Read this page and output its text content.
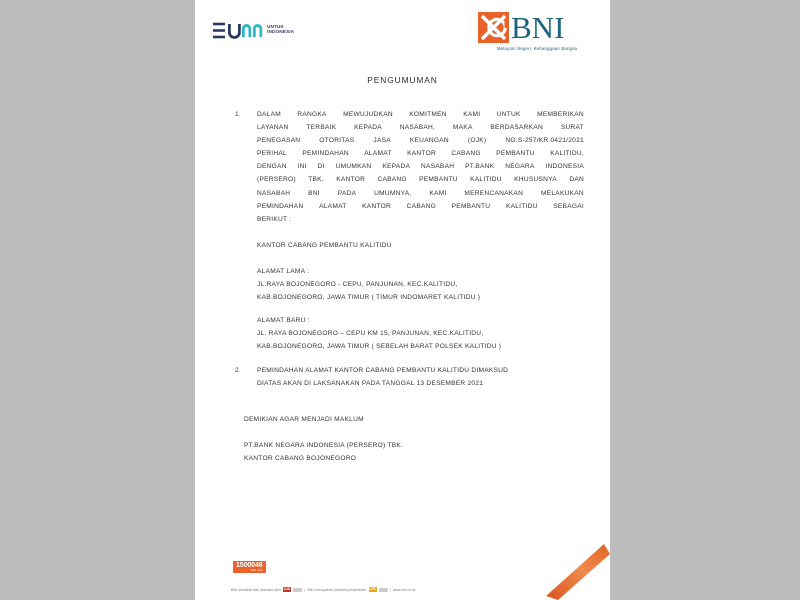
UNTUK
INDONESIA	BNI
Melayani Negeri, Kebanggaan Bangsa
PENGUMUMAN
1. DALAM RANGKA MEWUJUDKAN KOMITMEN KAMI UNTUK MEMBERIKAN
LAYANAN	TERBAIK	KEPADA	NASABAH,	MAKA	BERDASARKAN	SURAT
PENEGASAN	OTORITAS	JASA	KEUANGAN	(OJK)	NO.S-257/KR.0421/2021
PERIHAL PEMINDAHAN ALAMAT KANTOR CABANG PEMBANTU KALITIDU,
DENGAN INI DI UMUMKAN KEPADA NASABAH PT.BANK NEGARA INDONESIA
(PERSERO) TBK. KANTOR CABANG PEMBANTU KALITIDU KHUSUSNYA DAN
NASABAH	BNI	PADA	UMUMNYA,	KAMI	MERENCANAKAN	MELAKUKAN
PEMINDAHAN ALAMAT KANTOR CABANG PEMBANTU KALITIDU SEBAGAI
BERIKUT :
KANTOR CABANG PEMBANTU KALITIDU
ALAMAT LAMA :
JL.RAYA BOJONEGORO - CEPU, PANJUNAN, KEC.KALITIDU,
KAB.BOJONEGORO, JAWA TIMUR ( TIMUR INDOMARET KALITIDU )
ALAMAT BARU :
JL. RAYA BOJONEGORO – CEPU KM 15, PANJUNAN, KEC.KALITIDU,
KAB.BOJONEGORO, JAWA TIMUR ( SEBELAH BARAT POLSEK KALITIDU )
2. PEMINDAHAN ALAMAT KANTOR CABANG PEMBANTU KALITIDU DIMAKSUD
DIATAS AKAN DI LAKSANAKAN PADA TANGGAL 13 DESEMBER 2021
DEMIKIAN AGAR MENJADI MAKLUM
PT.BANK NEGARA INDONESIA (PERSERO) TBK.
KANTOR CABANG BOJONEGORO
1500046
BNI Call
BNI terdaftar dan diawasi oleh OJK	| BNI merupakan peserta penjaminan LPS	| www.bni.co.id
